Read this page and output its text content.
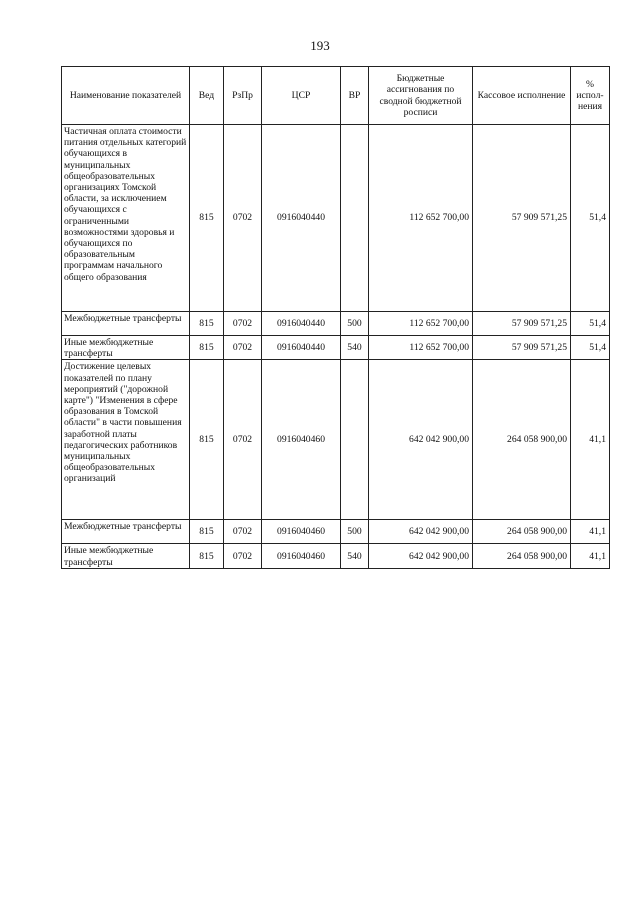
193
Наименование показателей	Вед	РзПр	ЦСР	ВР	Бюджетные ассигнования по сводной бюджетной росписи	Кассовое исполнение	% испол-нения
Частичная оплата стоимости питания отдельных категорий обучающихся в муниципальных общеобразовательных организациях Томской области, за исключением обучающихся с ограниченными возможностями здоровья и обучающихся по образовательным программам начального общего образования	815	0702	0916040440		112 652 700,00	57 909 571,25	51,4
Межбюджетные трансферты	815	0702	0916040440	500	112 652 700,00	57 909 571,25	51,4
Иные межбюджетные трансферты	815	0702	0916040440	540	112 652 700,00	57 909 571,25	51,4
Достижение целевых показателей по плану мероприятий ("дорожной карте") "Изменения в сфере образования в Томской области" в части повышения заработной платы педагогических работников муниципальных общеобразовательных организаций	815	0702	0916040460		642 042 900,00	264 058 900,00	41,1
Межбюджетные трансферты	815	0702	0916040460	500	642 042 900,00	264 058 900,00	41,1
Иные межбюджетные трансферты	815	0702	0916040460	540	642 042 900,00	264 058 900,00	41,1
